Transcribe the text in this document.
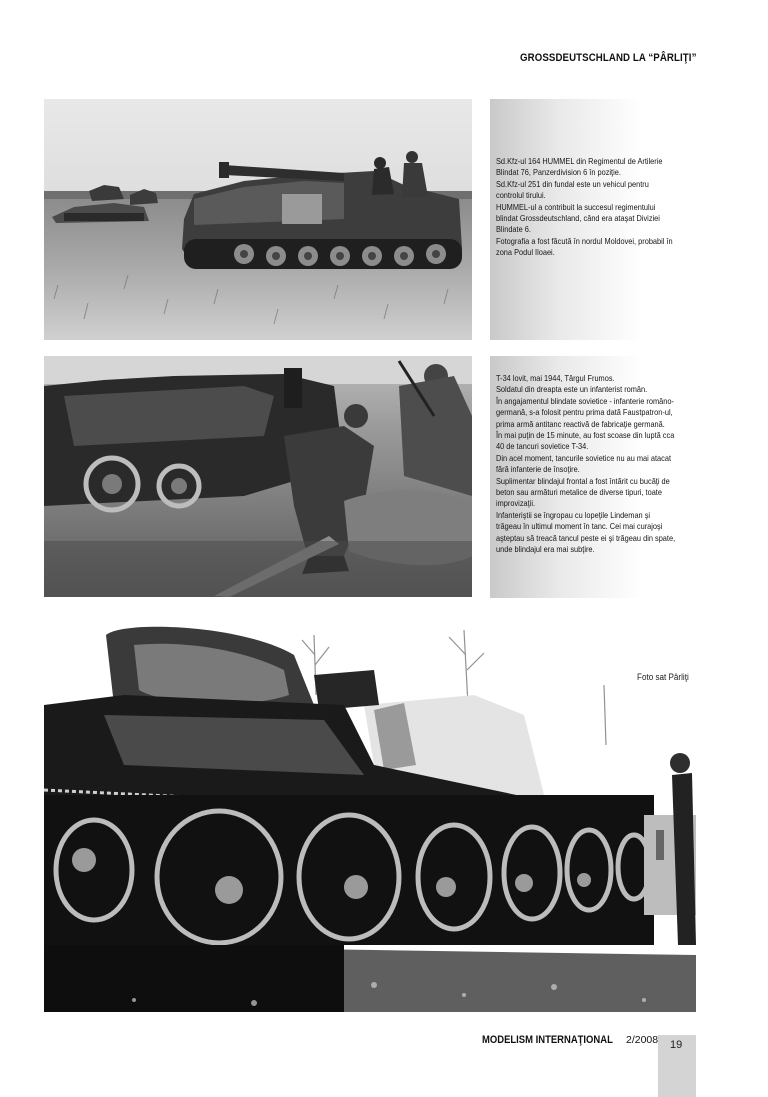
GROSSDEUTSCHLAND LA “PÂRLIŢI”

Sd.Kfz-ul 164 HUMMEL din Regimentul de Artilerie Blindat 76, Panzerdivision 6 în poziţie.

Sd.Kfz-ul 251 din fundal este un vehicul pentru controlul tirului.

HUMMEL-ul a contribuit la succesul regimentului blindat Grossdeutschland, când era ataşat Diviziei Blindate 6.

Fotografia a fost făcută în nordul Moldovei, probabil în zona Podul Iloaei.

T-34 lovit, mai 1944, Târgul Frumos.

Soldatul din dreapta este un infanterist român.

În angajamentul blindate sovietice - infanterie româno-germană, s-a folosit pentru prima dată Faustpatron-ul, prima armă antitanc reactivă de fabricaţie germană.

În mai puţin de 15 minute, au fost scoase din luptă cca 40 de tancuri sovietice T-34.

Din acel moment, tancurile sovietice nu au mai atacat fără infanterie de însoţire.

Suplimentar blindajul frontal a fost întărit cu bucăţi de beton sau armături metalice de diverse tipuri, toate improvizaţii.

Infanteriştii se îngropau cu lopeţile Lindeman şi trăgeau în ultimul moment în tanc. Cei mai curajoşi aşteptau să treacă tancul peste ei şi trăgeau din spate, unde blindajul era mai subţire.

Foto sat Pârliţi
MODELISM INTERNAŢIONAL 2/2008 19
